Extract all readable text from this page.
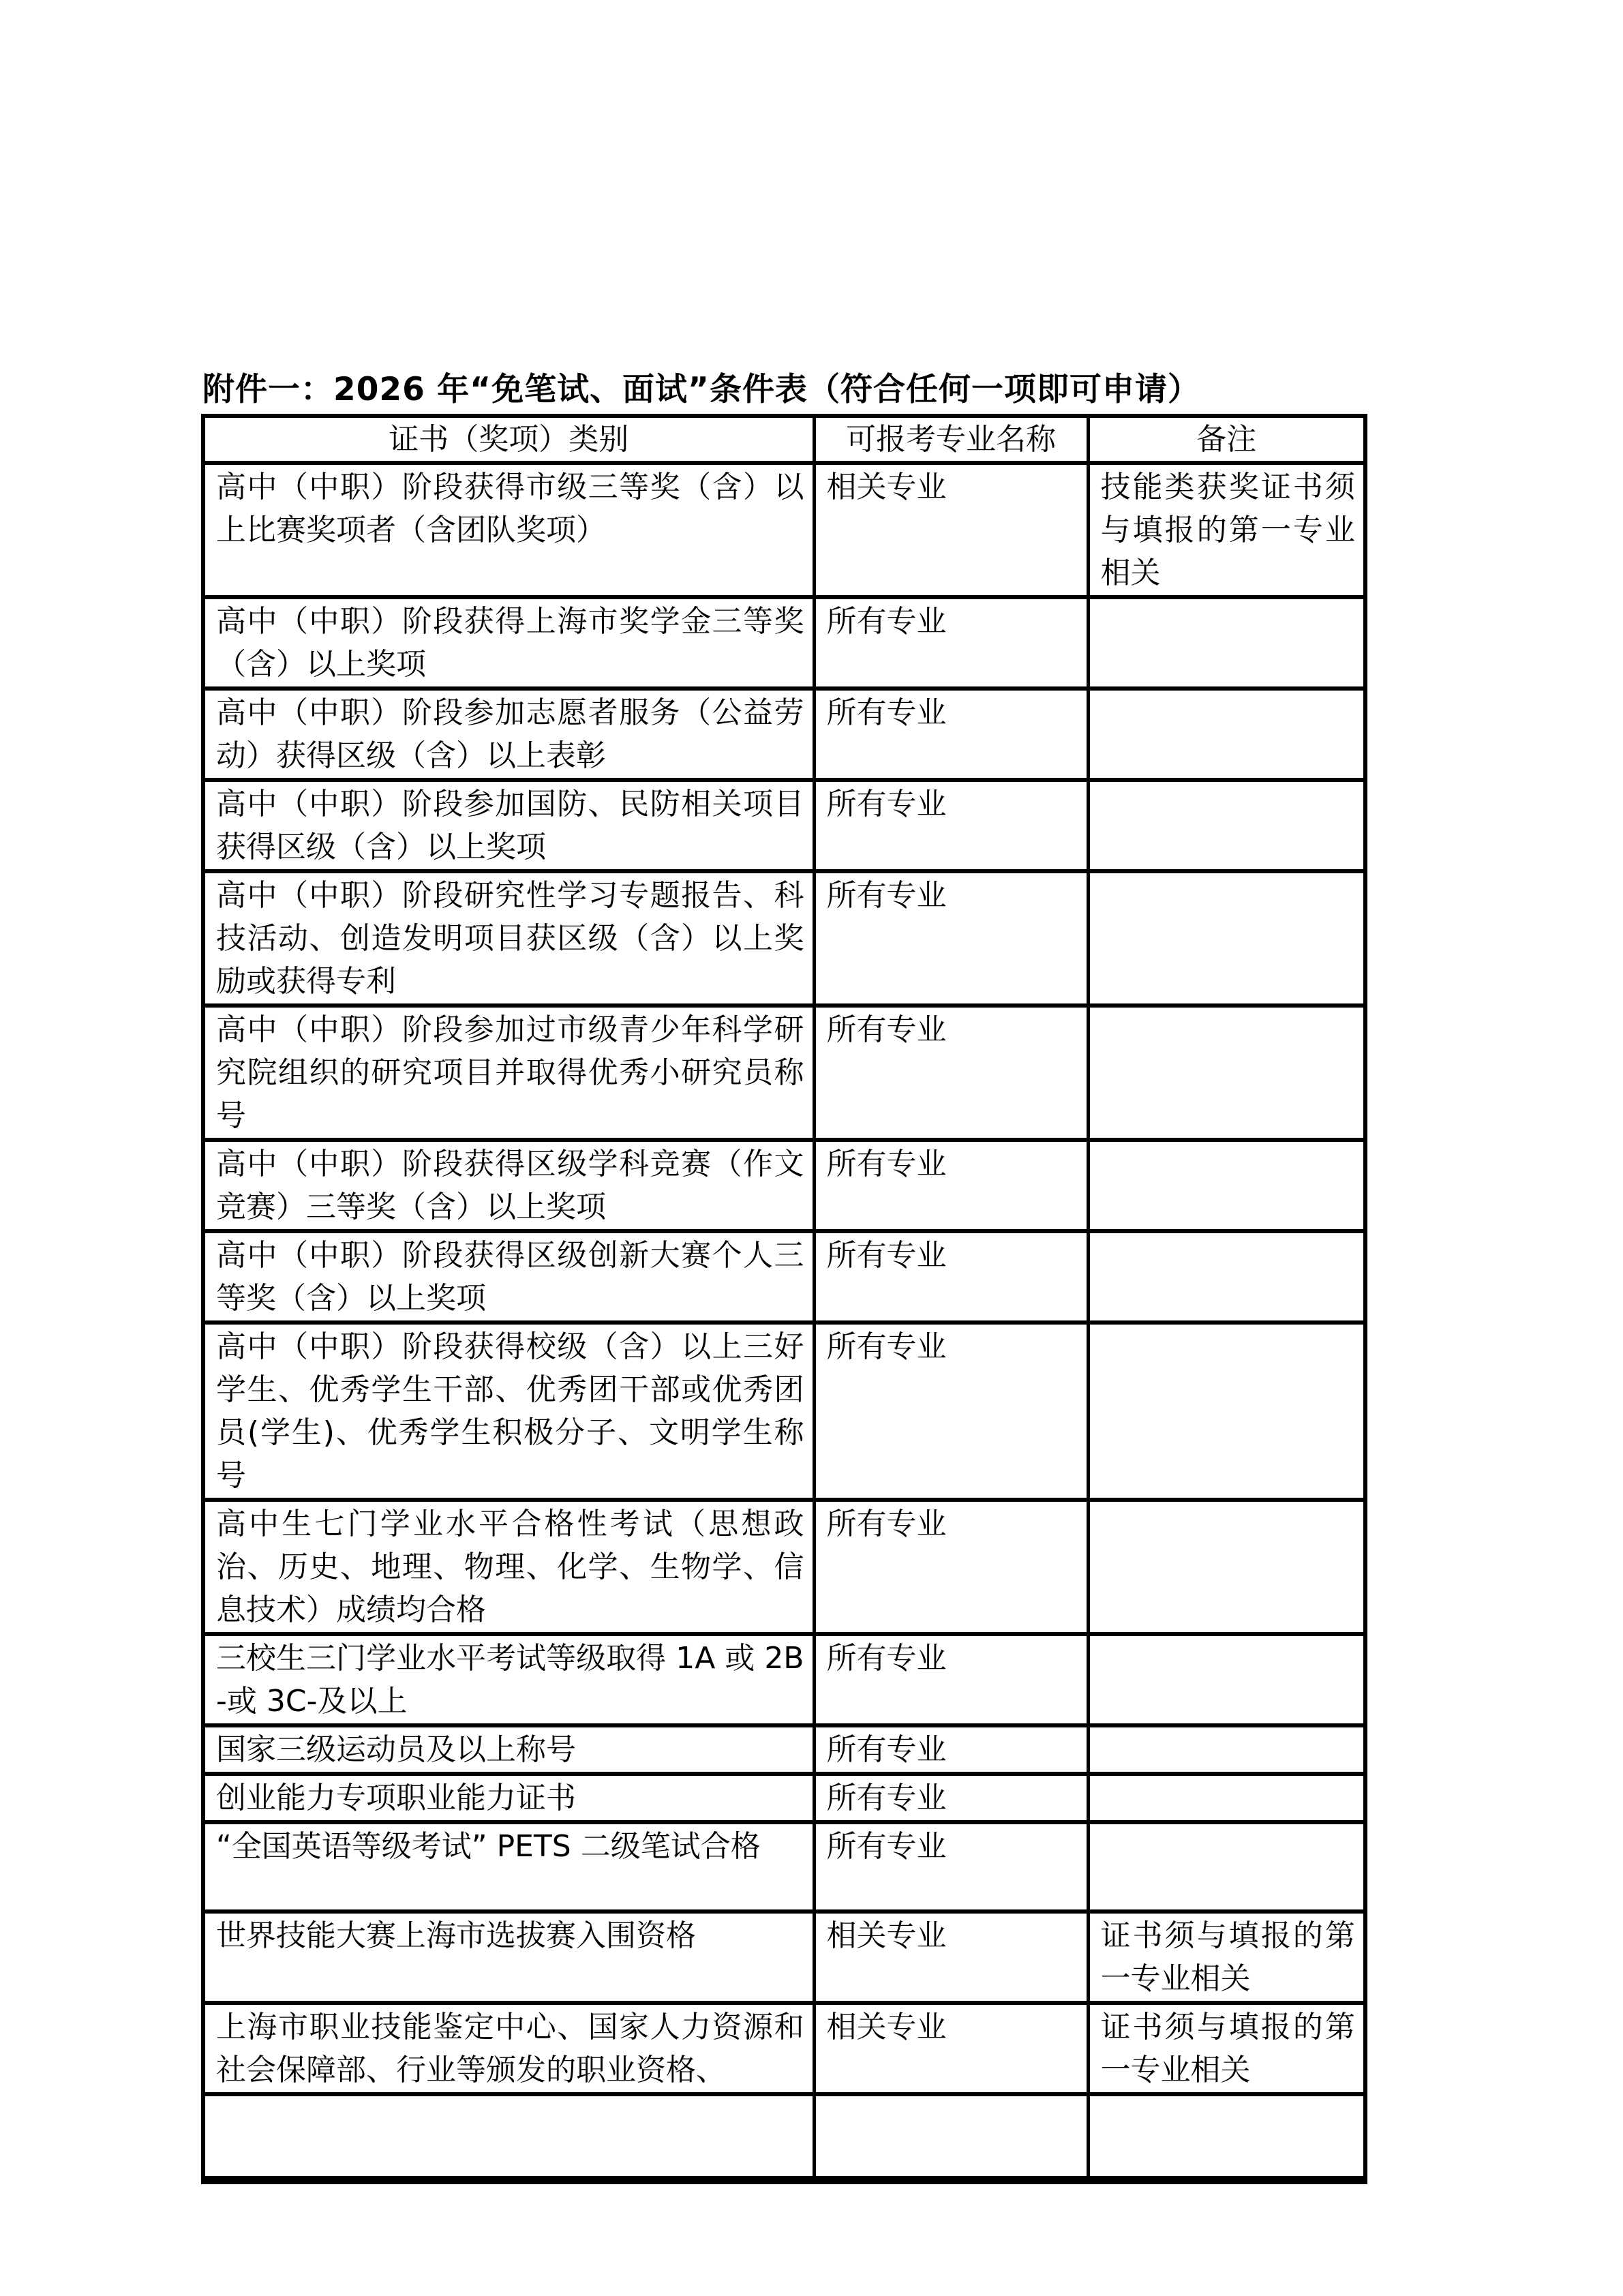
附件一：2026 年“免笔试、面试”条件表（符合任何一项即可申请）
证书（奖项）类别	可报考专业名称	备注
高中（中职）阶段获得市级三等奖（含）以上比赛奖项者（含团队奖项）	相关专业	技能类获奖证书须与填报的第一专业相关
高中（中职）阶段获得上海市奖学金三等奖（含）以上奖项	所有专业	
高中（中职）阶段参加志愿者服务（公益劳动）获得区级（含）以上表彰	所有专业	
高中（中职）阶段参加国防、民防相关项目获得区级（含）以上奖项	所有专业	
高中（中职）阶段研究性学习专题报告、科技活动、创造发明项目获区级（含）以上奖励或获得专利	所有专业	
高中（中职）阶段参加过市级青少年科学研究院组织的研究项目并取得优秀小研究员称号	所有专业	
高中（中职）阶段获得区级学科竞赛（作文竞赛）三等奖（含）以上奖项	所有专业	
高中（中职）阶段获得区级创新大赛个人三等奖（含）以上奖项	所有专业	
高中（中职）阶段获得校级（含）以上三好学生、优秀学生干部、优秀团干部或优秀团员(学生)、优秀学生积极分子、文明学生称号	所有专业	
高中生七门学业水平合格性考试（思想政治、历史、地理、物理、化学、生物学、信息技术）成绩均合格	所有专业	
三校生三门学业水平考试等级取得 1A 或 2B-或 3C-及以上	所有专业	
国家三级运动员及以上称号	所有专业	
创业能力专项职业能力证书	所有专业	
“全国英语等级考试” PETS 二级笔试合格	所有专业	
世界技能大赛上海市选拔赛入围资格	相关专业	证书须与填报的第一专业相关
上海市职业技能鉴定中心、国家人力资源和社会保障部、行业等颁发的职业资格、	相关专业	证书须与填报的第一专业相关
